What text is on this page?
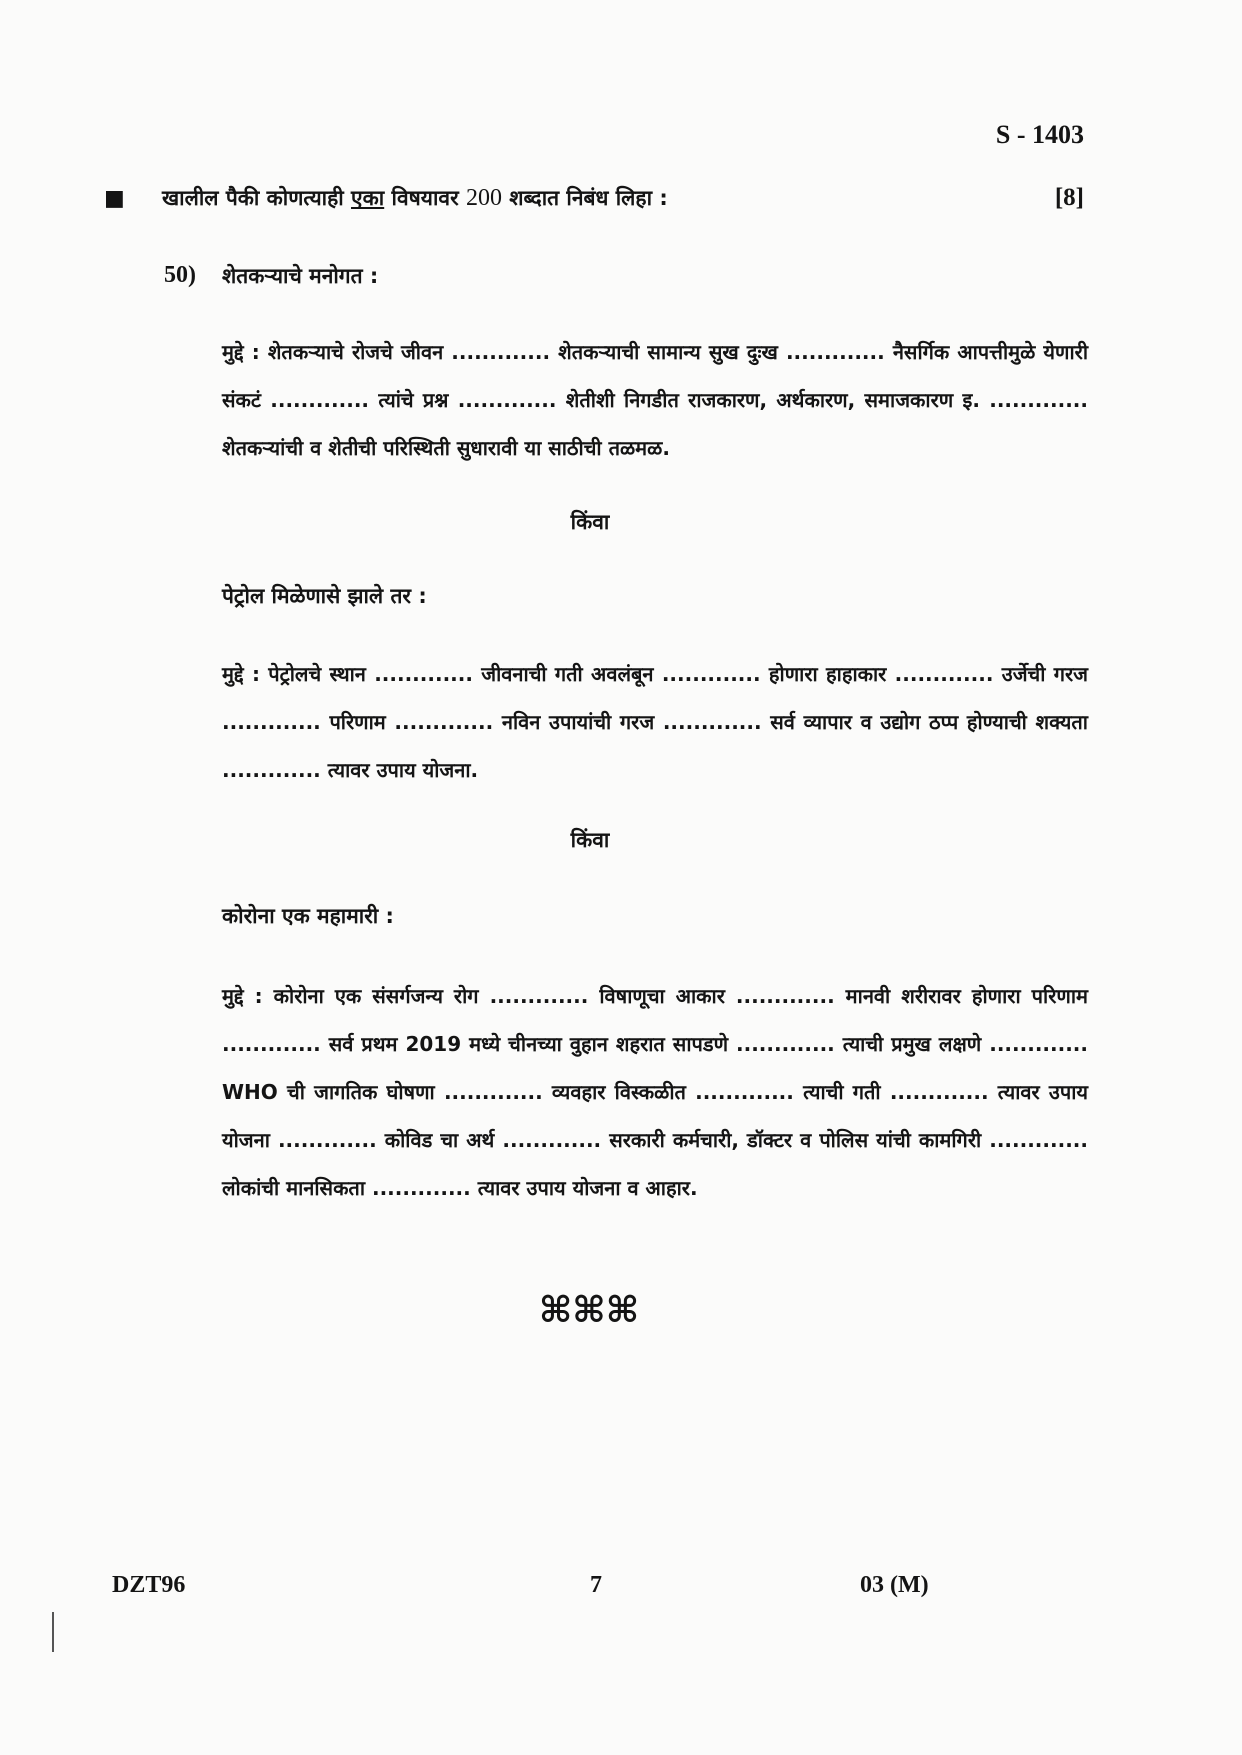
S - 1403
■ खालील पैकी कोणत्याही एका विषयावर 200 शब्दात निबंध लिहा :	[8]
50) शेतकऱ्याचे मनोगत :
मुद्दे : शेतकऱ्याचे रोजचे जीवन ............. शेतकऱ्याची सामान्य सुख दुःख ............. नैसर्गिक आपत्तीमुळे येणारी संकटं ............. त्यांचे प्रश्न ............. शेतीशी निगडीत राजकारण, अर्थकारण, समाजकारण इ. ............. शेतकऱ्यांची व शेतीची परिस्थिती सुधारावी या साठीची तळमळ.
किंवा
पेट्रोल मिळेणासे झाले तर :
मुद्दे : पेट्रोलचे स्थान ............. जीवनाची गती अवलंबून ............. होणारा हाहाकार ............. उर्जेची गरज ............. परिणाम ............. नविन उपायांची गरज ............. सर्व व्यापार व उद्योग ठप्प होण्याची शक्यता ............. त्यावर उपाय योजना.
किंवा
कोरोना एक महामारी :
मुद्दे : कोरोना एक संसर्गजन्य रोग ............. विषाणूचा आकार ............. मानवी शरीरावर होणारा परिणाम ............. सर्व प्रथम 2019 मध्ये चीनच्या वुहान शहरात सापडणे ............. त्याची प्रमुख लक्षणे ............. WHO ची जागतिक घोषणा ............. व्यवहार विस्कळीत ............. त्याची गती ............. त्यावर उपाय योजना ............. कोविड चा अर्थ ............. सरकारी कर्मचारी, डॉक्टर व पोलिस यांची कामगिरी ............. लोकांची मानसिकता ............. त्यावर उपाय योजना व आहार.
⌘⌘⌘
DZT96	7	03 (M)
